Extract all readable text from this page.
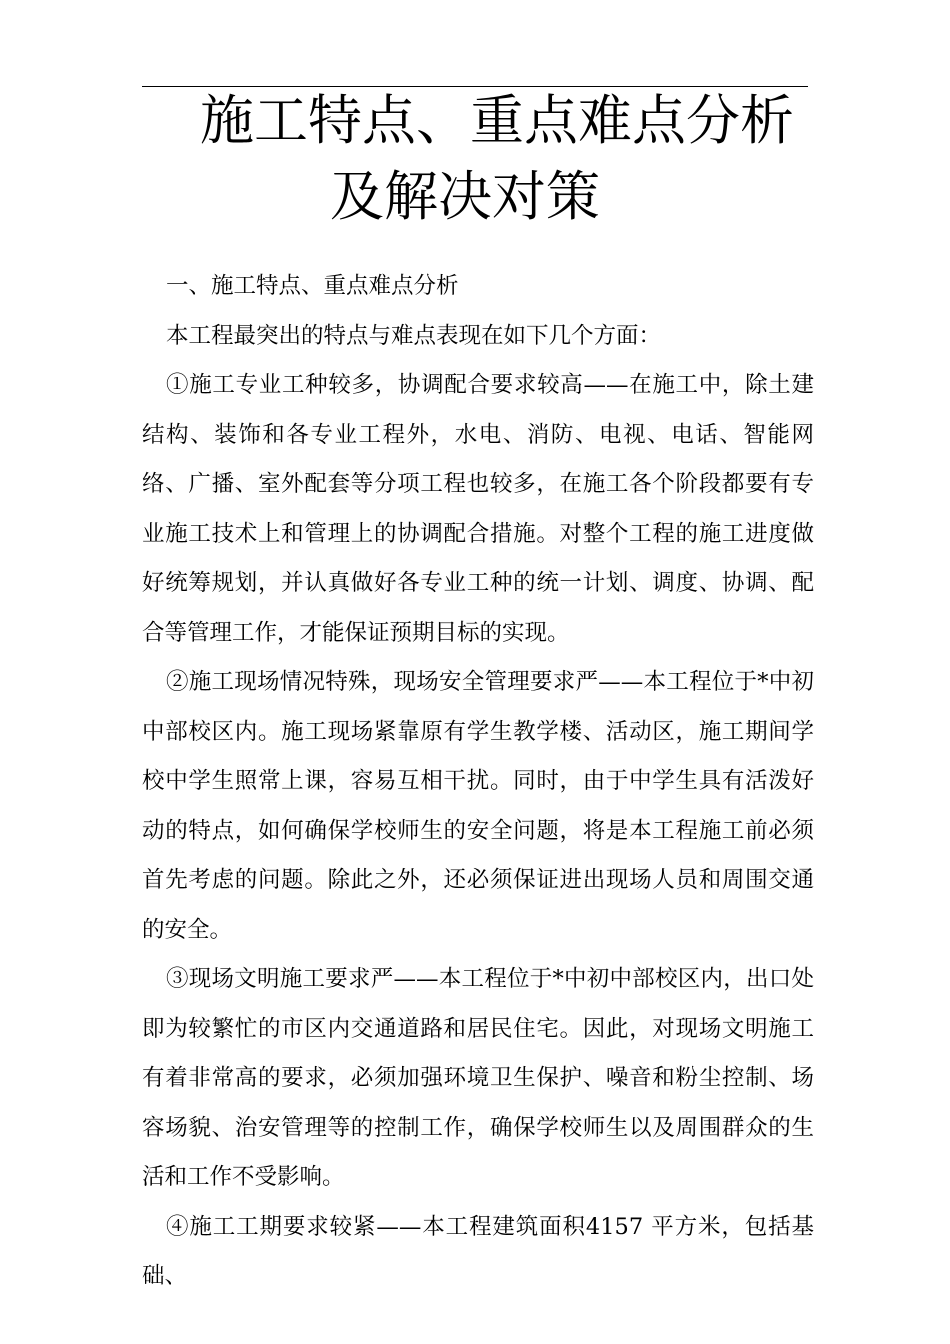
施工特点、重点难点分析
及解决对策

一、施工特点、重点难点分析

本工程最突出的特点与难点表现在如下几个方面：

①施工专业工种较多，协调配合要求较高——在施工中，除土建结构、装饰和各专业工程外，水电、消防、电视、电话、智能网络、广播、室外配套等分项工程也较多，在施工各个阶段都要有专业施工技术上和管理上的协调配合措施。对整个工程的施工进度做好统筹规划，并认真做好各专业工种的统一计划、调度、协调、配合等管理工作，才能保证预期目标的实现。

②施工现场情况特殊，现场安全管理要求严——本工程位于*中初中部校区内。施工现场紧靠原有学生教学楼、活动区，施工期间学校中学生照常上课，容易互相干扰。同时，由于中学生具有活泼好动的特点，如何确保学校师生的安全问题，将是本工程施工前必须首先考虑的问题。除此之外，还必须保证进出现场人员和周围交通的安全。

③现场文明施工要求严——本工程位于*中初中部校区内，出口处即为较繁忙的市区内交通道路和居民住宅。因此，对现场文明施工有着非常高的要求，必须加强环境卫生保护、噪音和粉尘控制、场容场貌、治安管理等的控制工作，确保学校师生以及周围群众的生活和工作不受影响。

④施工工期要求较紧——本工程建筑面积4157 平方米，包括基础、
